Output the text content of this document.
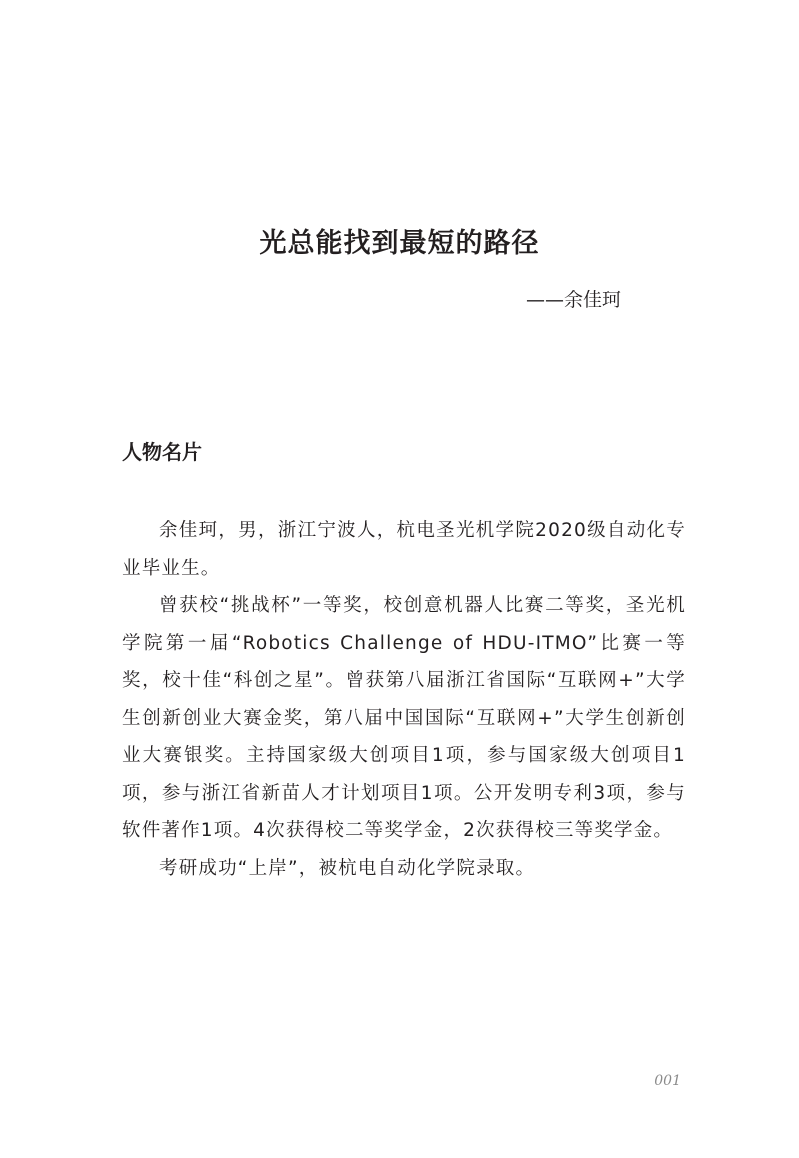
光总能找到最短的路径
——余佳珂
人物名片

余佳珂，男，浙江宁波人，杭电圣光机学院2020级自动化专业毕业生。

曾获校“挑战杯”一等奖，校创意机器人比赛二等奖，圣光机学院第一届“Robotics Challenge of HDU-ITMO”比赛一等奖，校十佳“科创之星”。曾获第八届浙江省国际“互联网+”大学生创新创业大赛金奖，第八届中国国际“互联网+”大学生创新创业大赛银奖。主持国家级大创项目1项，参与国家级大创项目1项，参与浙江省新苗人才计划项目1项。公开发明专利3项，参与软件著作1项。4次获得校二等奖学金，2次获得校三等奖学金。

考研成功“上岸”，被杭电自动化学院录取。

001
